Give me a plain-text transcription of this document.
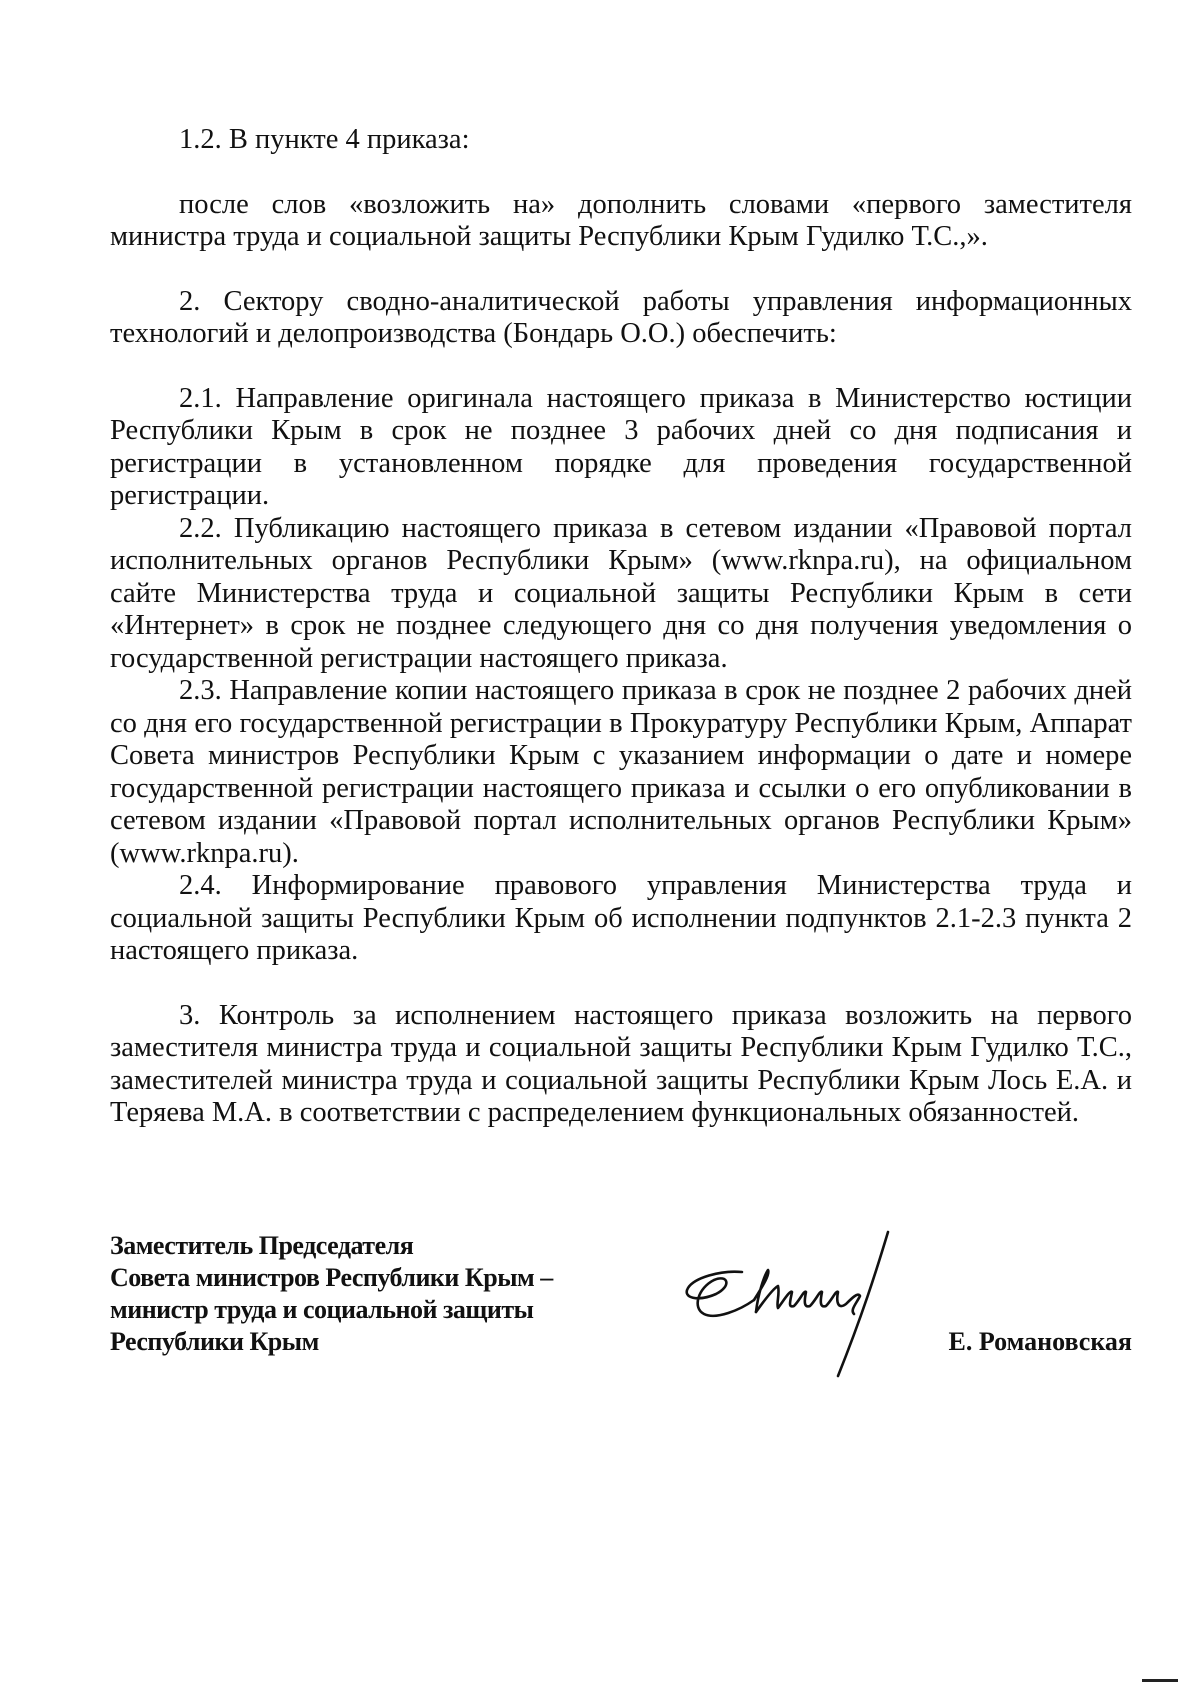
1.2. В пункте 4 приказа:

после слов «возложить на» дополнить словами «первого заместителя министра труда и социальной защиты Республики Крым Гудилко Т.С.,».

2. Сектору сводно-аналитической работы управления информационных технологий и делопроизводства (Бондарь О.О.) обеспечить:

2.1. Направление оригинала настоящего приказа в Министерство юстиции Республики Крым в срок не позднее 3 рабочих дней со дня подписания и регистрации в установленном порядке для проведения государственной регистрации.

2.2. Публикацию настоящего приказа в сетевом издании «Правовой портал исполнительных органов Республики Крым» (www.rknpa.ru), на официальном сайте Министерства труда и социальной защиты Республики Крым в сети «Интернет» в срок не позднее следующего дня со дня получения уведомления о государственной регистрации настоящего приказа.

2.3. Направление копии настоящего приказа в срок не позднее 2 рабочих дней со дня его государственной регистрации в Прокуратуру Республики Крым, Аппарат Совета министров Республики Крым с указанием информации о дате и номере государственной регистрации настоящего приказа и ссылки о его опубликовании в сетевом издании «Правовой портал исполнительных органов Республики Крым» (www.rknpa.ru).

2.4. Информирование правового управления Министерства труда и социальной защиты Республики Крым об исполнении подпунктов 2.1-2.3 пункта 2 настоящего приказа.

3. Контроль за исполнением настоящего приказа возложить на первого заместителя министра труда и социальной защиты Республики Крым Гудилко Т.С., заместителей министра труда и социальной защиты Республики Крым Лось Е.А. и Теряева М.А. в соответствии с распределением функциональных обязанностей.

Заместитель Председателя
Совета министров Республики Крым –
министр труда и социальной защиты
Республики Крым	Е. Романовская
